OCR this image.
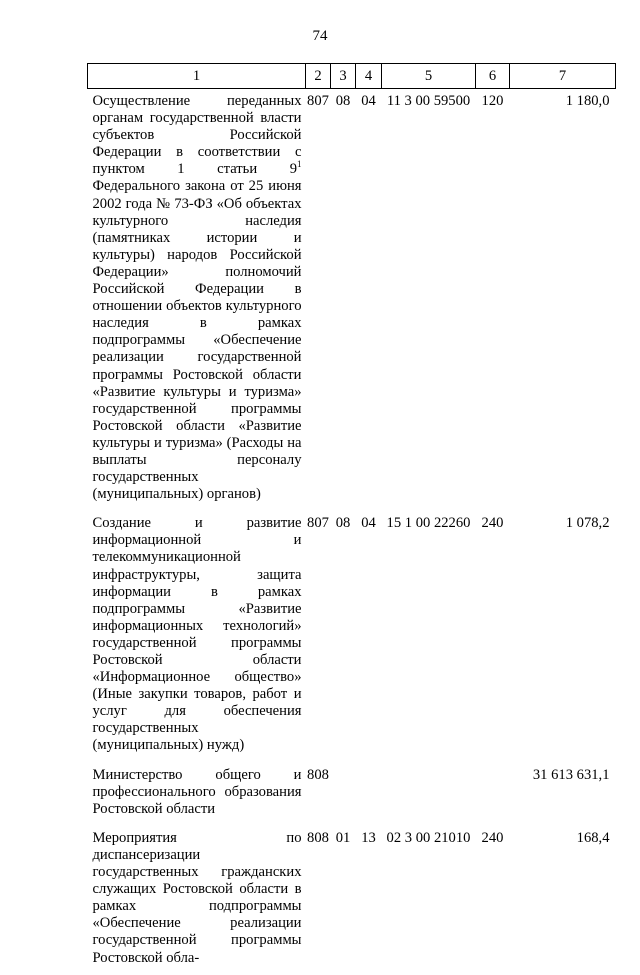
74
1	2	3	4	5	6	7
Осуществление переданных органам государственной власти субъектов Российской Федерации в соответствии с пунктом 1 статьи $9^1$ Федерального закона от 25 июня 2002 года № 73-ФЗ «Об объектах культурного наследия (памятниках истории и культуры) народов Российской Федерации» полномочий Российской Федерации в отношении объектов культурного наследия в рамках подпрограммы «Обеспечение реализации государственной программы Ростовской области «Развитие культуры и туризма» государственной программы Ростовской области «Развитие культуры и туризма» (Расходы на выплаты персоналу государственных (муниципальных) органов)	807	08	04	11 3 00 59500	120	1 180,0
Создание и развитие информационной и телекоммуникационной инфраструктуры, защита информации в рамках подпрограммы «Развитие информационных технологий» государственной программы Ростовской области «Информационное общество» (Иные закупки товаров, работ и услуг для обеспечения государственных (муниципальных) нужд)	807	08	04	15 1 00 22260	240	1 078,2
Министерство общего и профессионального образования Ростовской области	808					31 613 631,1
Мероприятия по диспансеризации государственных гражданских служащих Ростовской области в рамках подпрограммы «Обеспечение реализации государственной программы Ростовской обла-	808	01	13	02 3 00 21010	240	168,4
